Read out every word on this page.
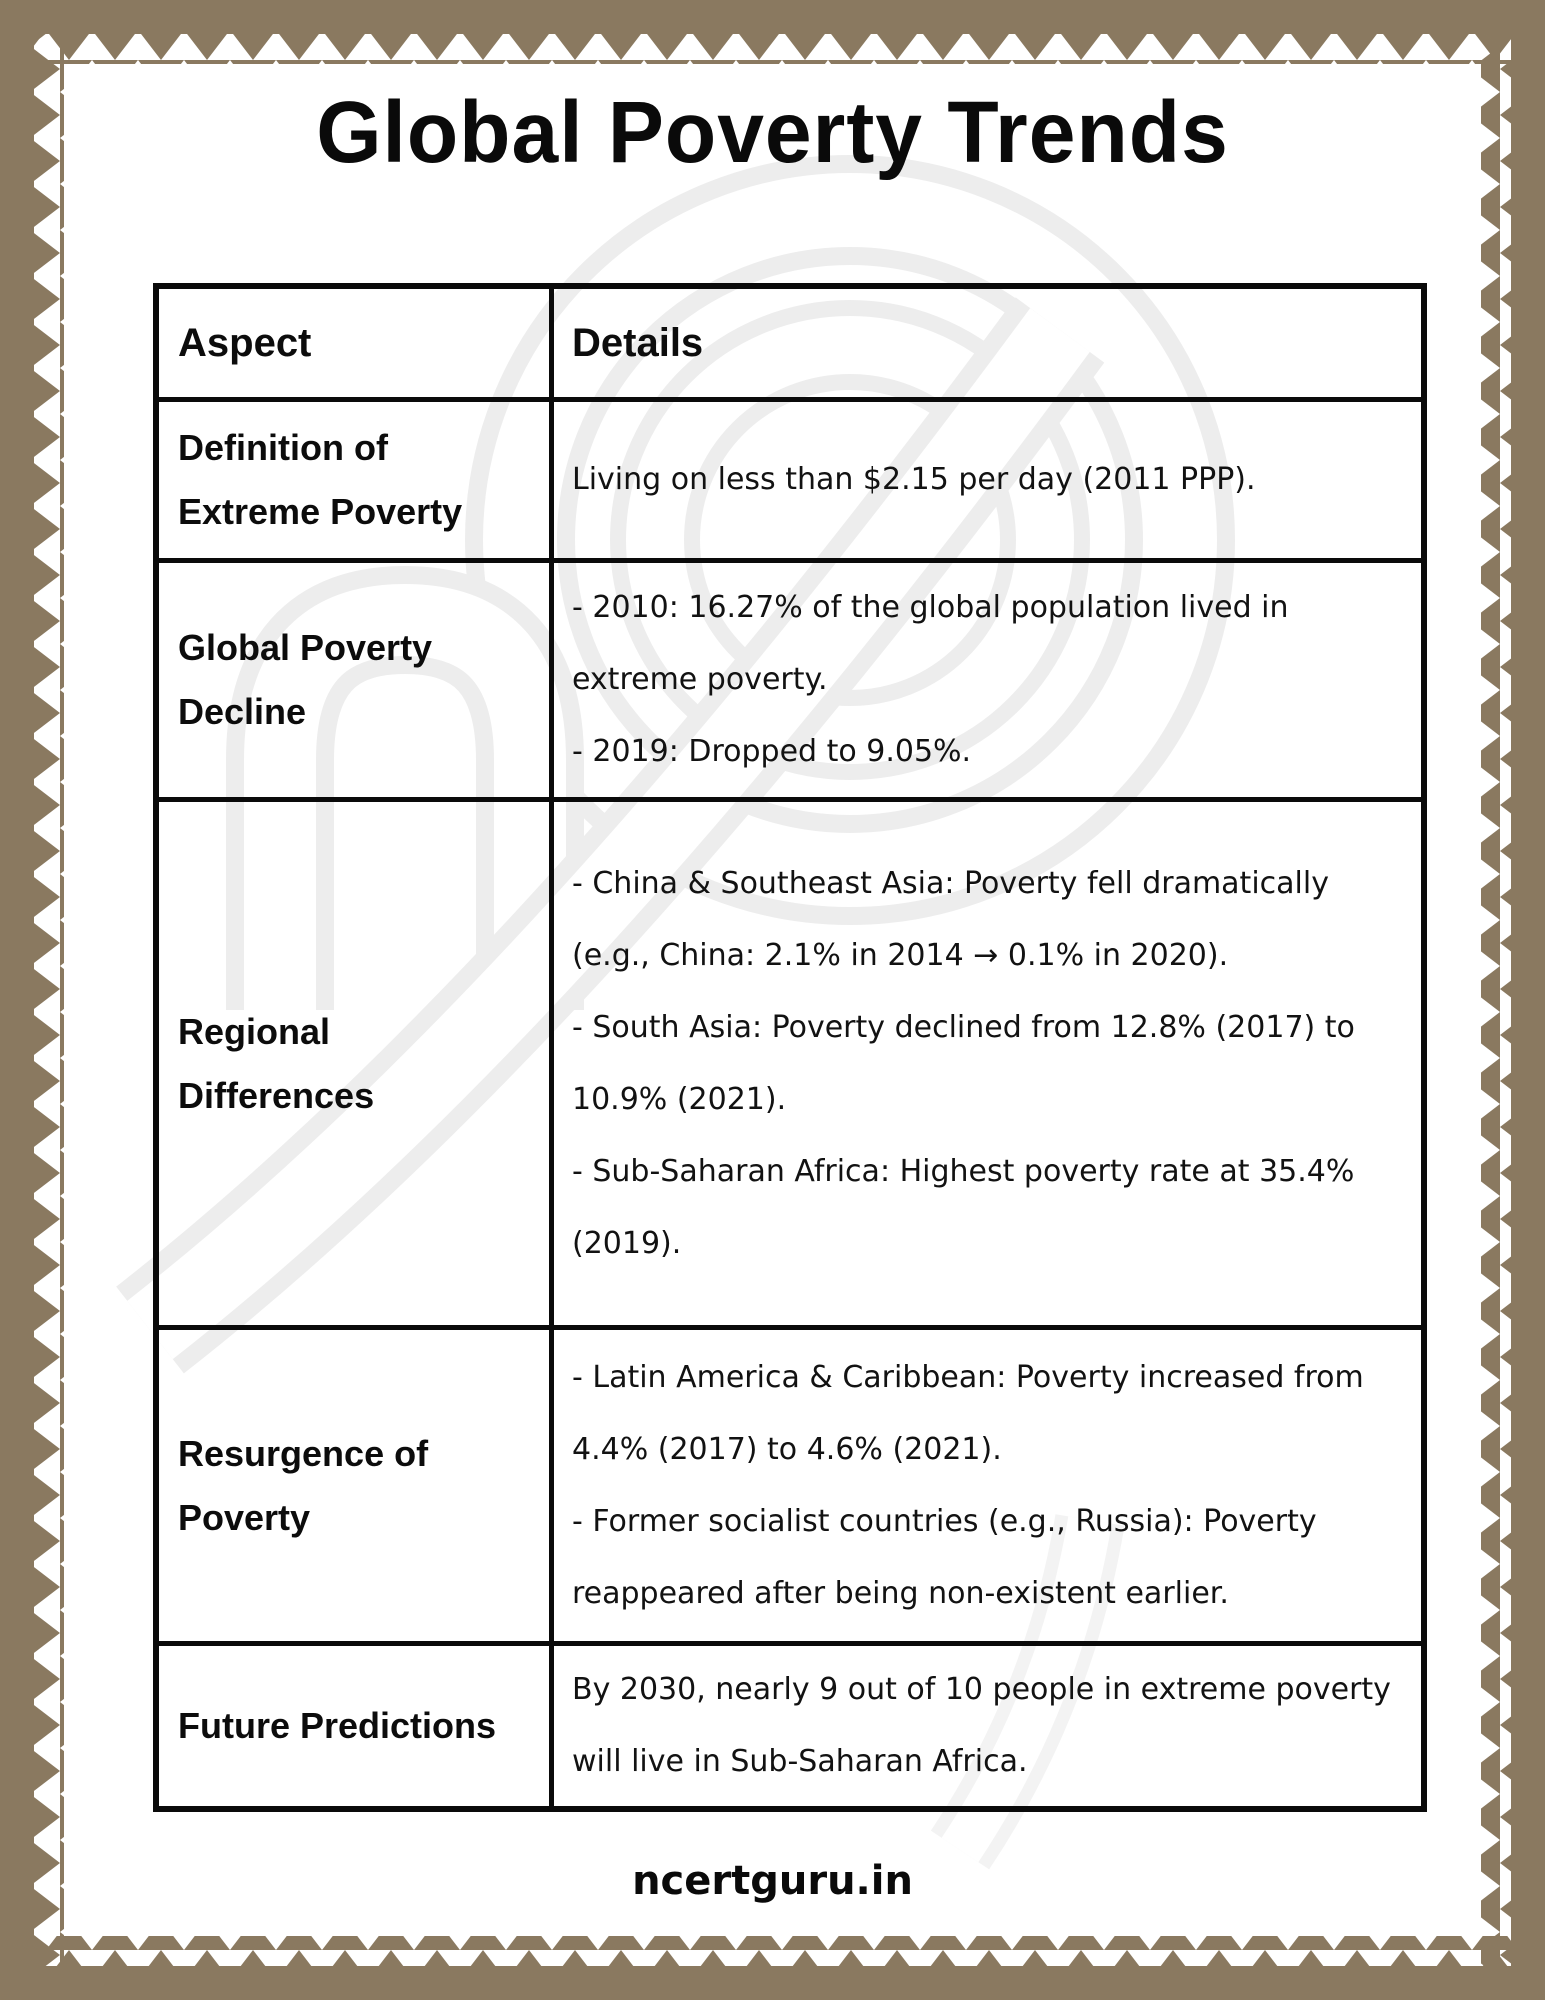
Global Poverty Trends
Aspect	Details
Definition of Extreme Poverty

Living on less than $2.15 per day (2011 PPP).

Global Poverty Decline

- 2010: 16.27% of the global population lived in extreme poverty.

- 2019: Dropped to 9.05%.

Regional Differences

- China & Southeast Asia: Poverty fell dramatically (e.g., China: 2.1% in 2014 → 0.1% in 2020).

- South Asia: Poverty declined from 12.8% (2017) to 10.9% (2021).

- Sub-Saharan Africa: Highest poverty rate at 35.4% (2019).

Resurgence of Poverty

- Latin America & Caribbean: Poverty increased from 4.4% (2017) to 4.6% (2021).

- Former socialist countries (e.g., Russia): Poverty reappeared after being non-existent earlier.

Future Predictions

By 2030, nearly 9 out of 10 people in extreme poverty will live in Sub-Saharan Africa.

ncertguru.in
